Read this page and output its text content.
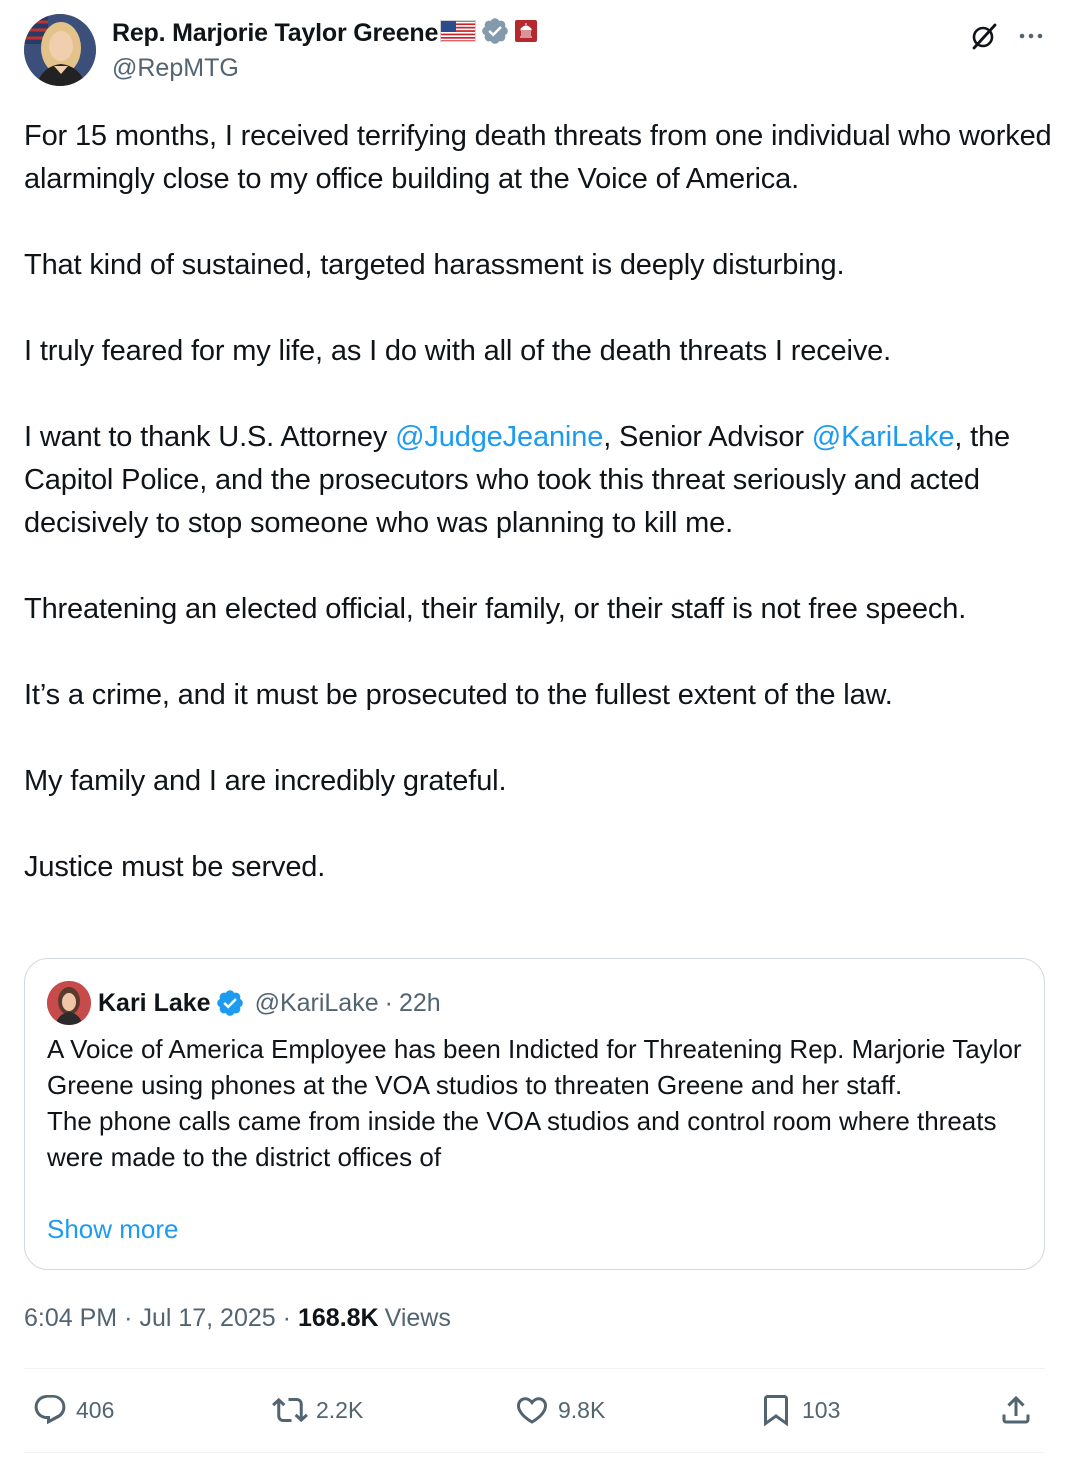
Rep. Marjorie Taylor Greene
@RepMTG

For 15 months, I received terrifying death threats from one individual who worked alarmingly close to my office building at the Voice of America.

That kind of sustained, targeted harassment is deeply disturbing.

I truly feared for my life, as I do with all of the death threats I receive.

I want to thank U.S. Attorney @JudgeJeanine, Senior Advisor @KariLake, the Capitol Police, and the prosecutors who took this threat seriously and acted decisively to stop someone who was planning to kill me.

Threatening an elected official, their family, or their staff is not free speech.

It’s a crime, and it must be prosecuted to the fullest extent of the law.

My family and I are incredibly grateful.

Justice must be served.

Kari Lake @KariLake · 22h

A Voice of America Employee has been Indicted for Threatening Rep. Marjorie Taylor Greene using phones at the VOA studios to threaten Greene and her staff.

The phone calls came from inside the VOA studios and control room where threats were made to the district offices of

Show more
6:04 PM · Jul 17, 2025 · 168.8K Views
406	2.2K	9.8K	103
